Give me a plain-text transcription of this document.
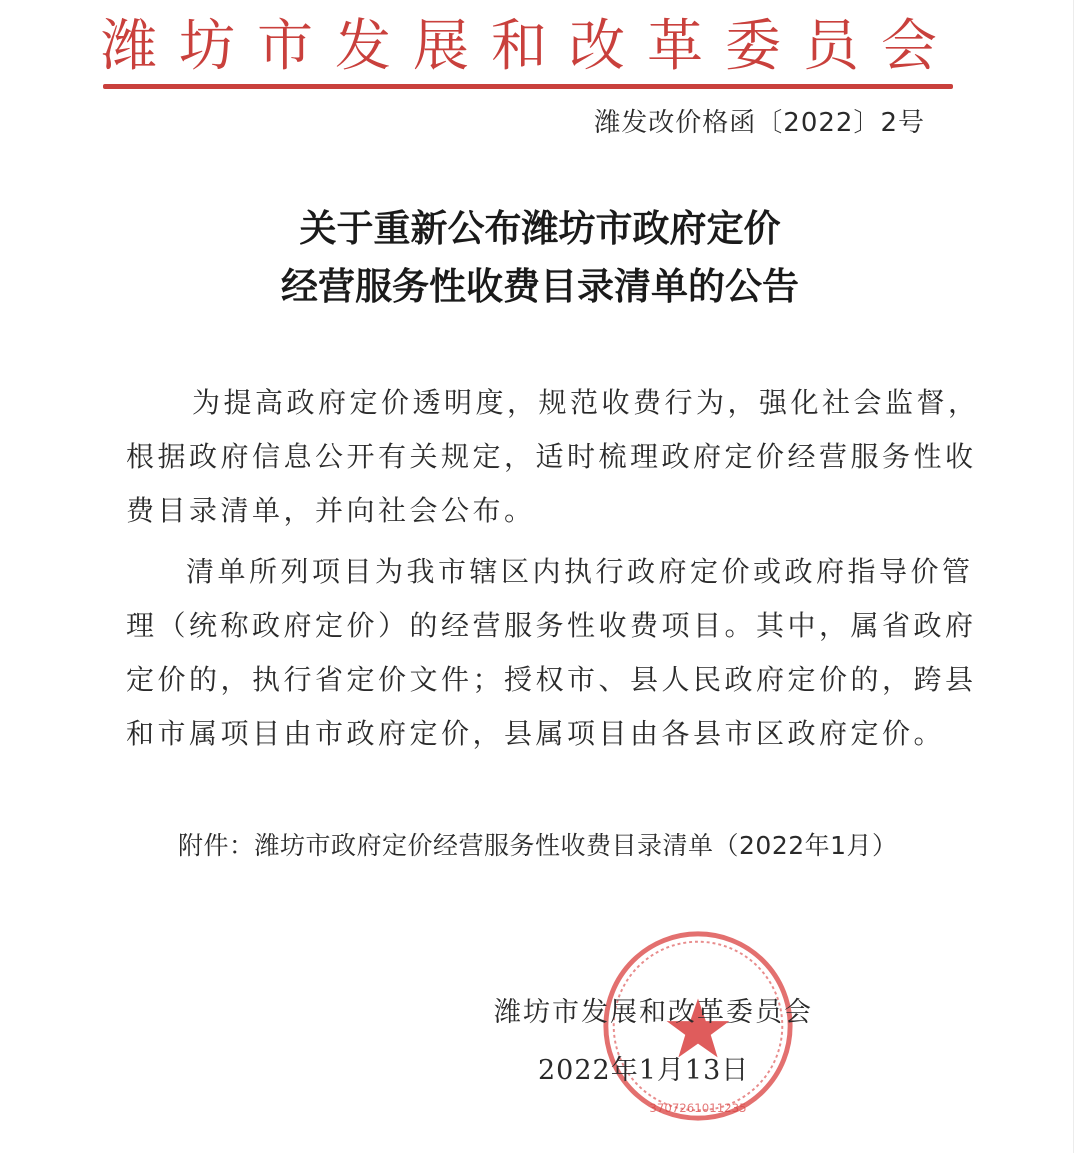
潍坊市发展和改革委员会
潍发改价格函〔2022〕2号
关于重新公布潍坊市政府定价
经营服务性收费目录清单的公告
为提高政府定价透明度，规范收费行为，强化社会监督，
根据政府信息公开有关规定，适时梳理政府定价经营服务性收
费目录清单，并向社会公布。
清单所列项目为我市辖区内执行政府定价或政府指导价管
理（统称政府定价）的经营服务性收费项目。其中，属省政府
定价的，执行省定价文件；授权市、县人民政府定价的，跨县
和市属项目由市政府定价，县属项目由各县市区政府定价。
附件：潍坊市政府定价经营服务性收费目录清单（2022年1月）
3707261011235
潍坊市发展和改革委员会
2022年1月13日
